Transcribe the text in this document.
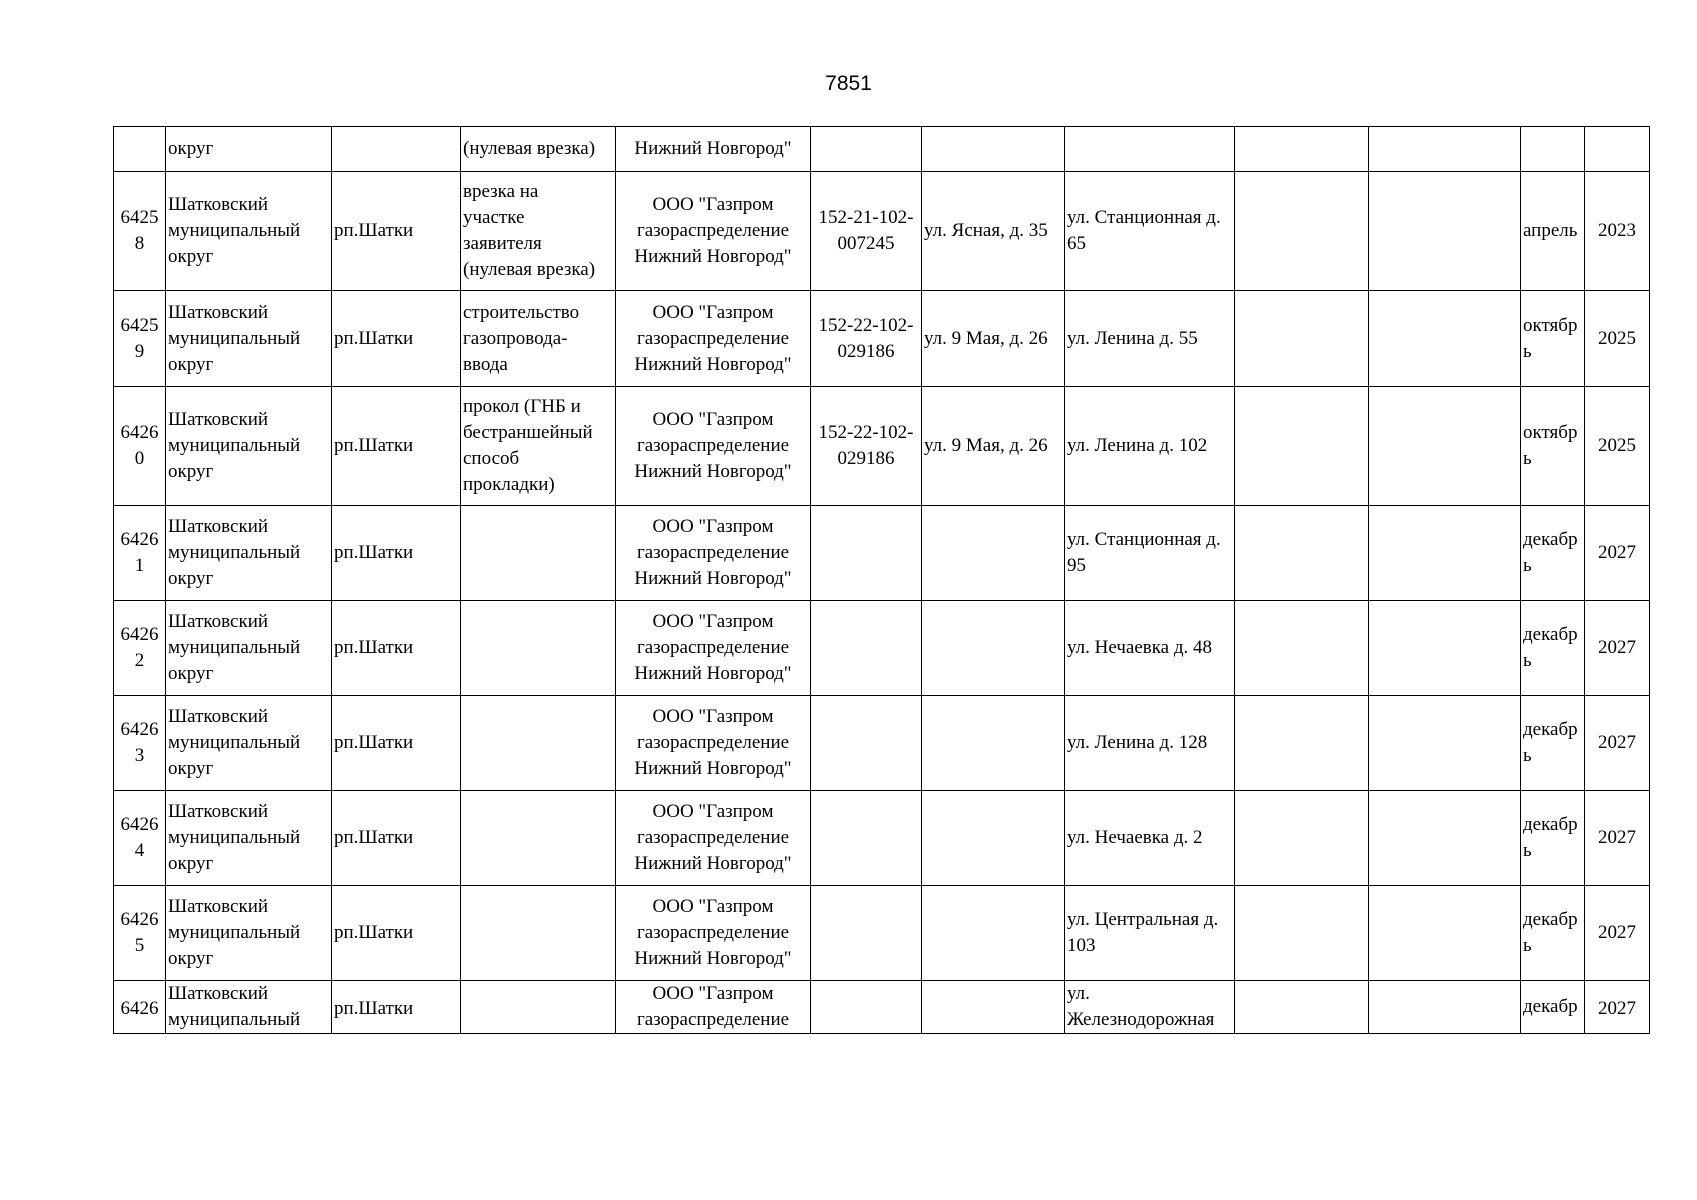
7851

	округ		(нулевая врезка)	Нижний Новгород"							

6425
8	Шатковский
муниципальный
округ	рп.Шатки	врезка на
участке
заявителя
(нулевая врезка)	ООО "Газпром
газораспределение
Нижний Новгород"	152-21-102-
007245	ул. Ясная, д. 35	ул. Станционная д.
65			апрель	2023

6425
9	Шатковский
муниципальный
округ	рп.Шатки	строительство
газопровода-
ввода	ООО "Газпром
газораспределение
Нижний Новгород"	152-22-102-
029186	ул. 9 Мая, д. 26	ул. Ленина д. 55			октябр
ь	2025

6426
0	Шатковский
муниципальный
округ	рп.Шатки	прокол (ГНБ и
бестраншейный
способ
прокладки)	ООО "Газпром
газораспределение
Нижний Новгород"	152-22-102-
029186	ул. 9 Мая, д. 26	ул. Ленина д. 102			октябр
ь	2025

6426
1	Шатковский
муниципальный
округ	рп.Шатки		ООО "Газпром
газораспределение
Нижний Новгород"			ул. Станционная д.
95			декабр
ь	2027

6426
2	Шатковский
муниципальный
округ	рп.Шатки		ООО "Газпром
газораспределение
Нижний Новгород"			ул. Нечаевка д. 48			декабр
ь	2027

6426
3	Шатковский
муниципальный
округ	рп.Шатки		ООО "Газпром
газораспределение
Нижний Новгород"			ул. Ленина д. 128			декабр
ь	2027

6426
4	Шатковский
муниципальный
округ	рп.Шатки		ООО "Газпром
газораспределение
Нижний Новгород"			ул. Нечаевка д. 2			декабр
ь	2027

6426
5	Шатковский
муниципальный
округ	рп.Шатки		ООО "Газпром
газораспределение
Нижний Новгород"			ул. Центральная д.
103			декабр
ь	2027

6426	Шатковский
муниципальный	рп.Шатки		ООО "Газпром
газораспределение			ул.
Железнодорожная			декабр	2027
